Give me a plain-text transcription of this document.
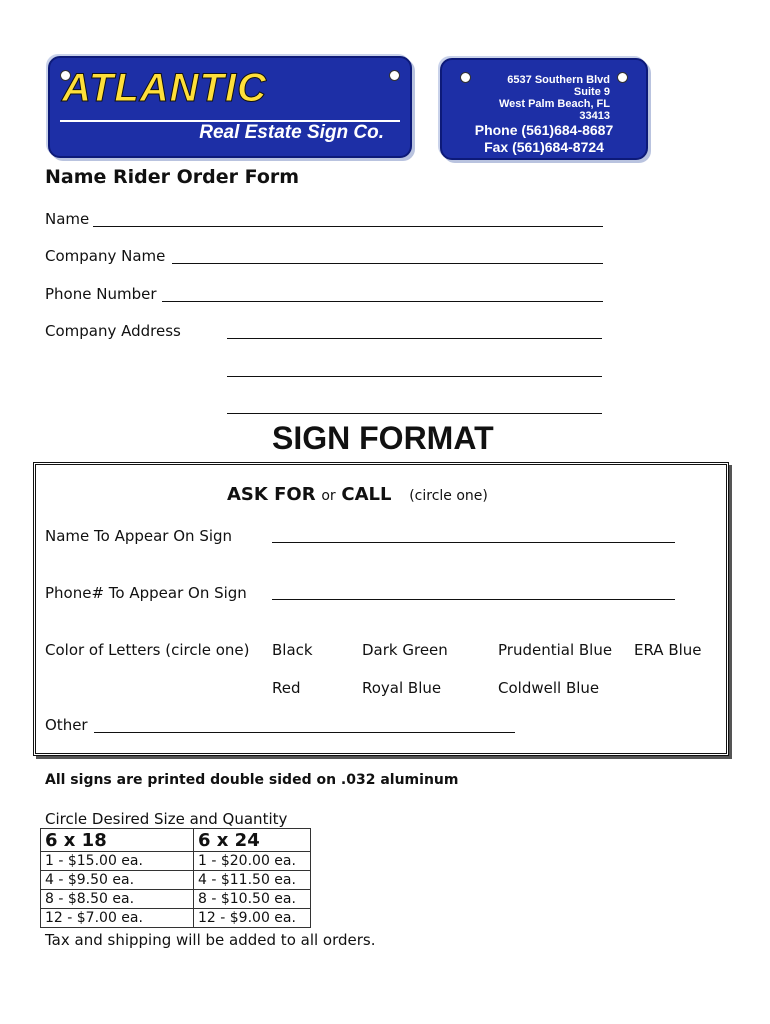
ATLANTIC
Real Estate Sign Co.
6537 Southern Blvd
Suite 9
West Palm Beach, FL
33413
Phone (561)684-8687
Fax (561)684-8724
Name Rider Order Form
Name
Company Name
Phone Number
Company Address
SIGN FORMAT
ASK FOR or CALL (circle one)
Name To Appear On Sign
Phone# To Appear On Sign
Color of Letters (circle one) Black	Dark Green	Prudential Blue ERA Blue
Red	Royal Blue	Coldwell Blue
Other
All signs are printed double sided on .032 aluminum
Circle Desired Size and Quantity
6 x 18	6 x 24
1 - $15.00 ea.	1 - $20.00 ea.
4 - $9.50 ea.	4 - $11.50 ea.
8 - $8.50 ea.	8 - $10.50 ea.
12 - $7.00 ea.	12 - $9.00 ea.
Tax and shipping will be added to all orders.
